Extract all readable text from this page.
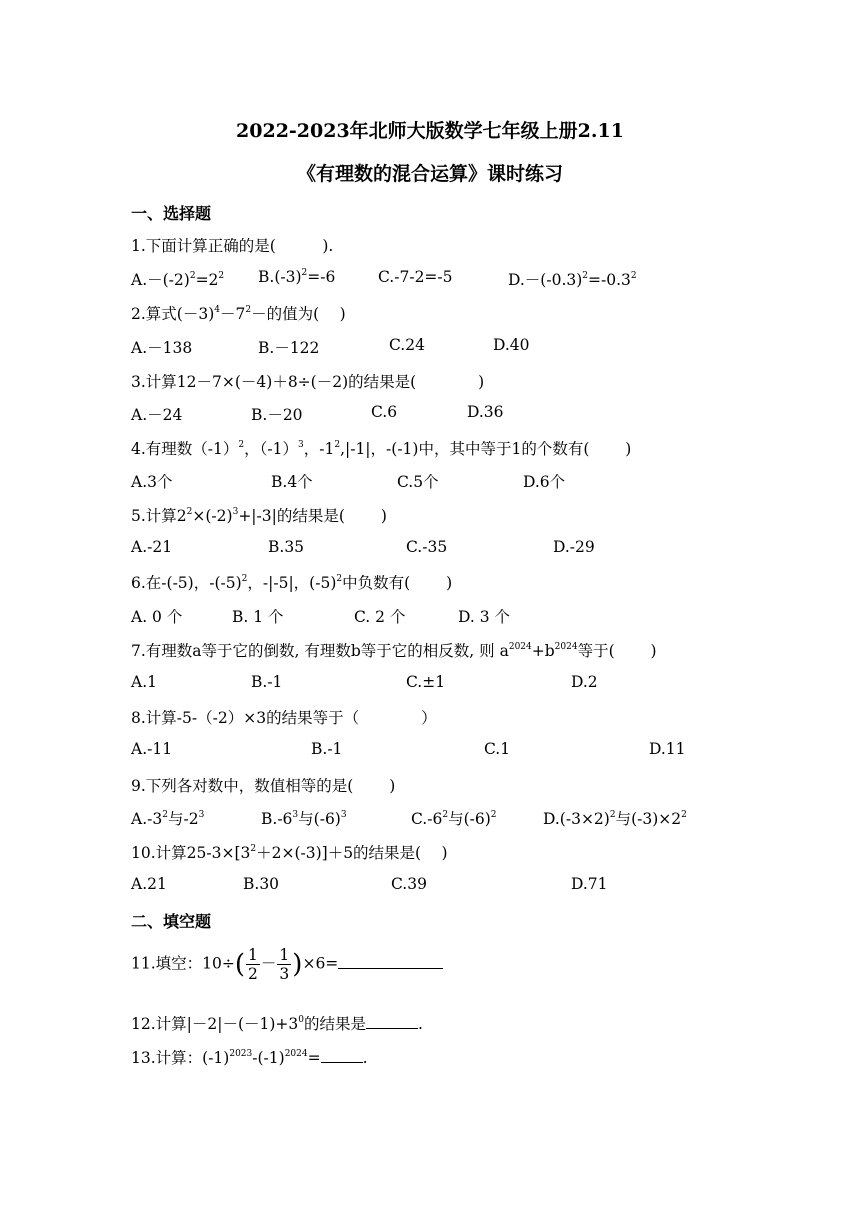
2022-2023年北师大版数学七年级上册2.11
《有理数的混合运算》课时练习
一、选择题
1.下面计算正确的是(　　　).
$A.-(-2)^2=2^2$ $B.(-3)^2=-6$	C.-7-2=-5	$D.-(-0.3)^2=-0.3^2$
2.算式$(-3)^4-7^2-$的值为(　 )
A.－138	B.－122	C.24	D.40
3.计算12－7×(－4)＋8÷(－2)的结果是(　　　　)
A.－24	B.－20	C.6	D.36
4.有理数$(-1)^2$，$(-1)^3$，$-1^2,|-1|$，-(-1)中，其中等于1的个数有(　　 )
A.3个	B.4个	C.5个	D.6个
5.计算$2^2\times(-2)^3+|-3|$的结果是(　　 )
A.-21	B.35	C.-35	D.-29
6.在-(-5)，$-(-5)^2$，-|-5|，$(-5)^2$中负数有(　　 )
A. 0 个	B. 1 个	C. 2 个	D. 3 个
7.有理数a等于它的倒数, 有理数b等于它的相反数, 则 $a^{2024}+b^{2024}$等于(　　 )
A.1	B.-1	C.±1	D.2
8.计算-5-（-2）×3的结果等于（　　　　）
A.-11	B.-1	C.1	D.11
9.下列各对数中，数值相等的是(　　 )
$A.-3^2$与$-2^3$	$B.-6^3$与$(-6)^3$	$C.-6^2$与$(-6)^2$	$D.(-3\times 2)^2$与$(-3)\times 2^2$
10.计算$25-3\times[3^2+2\times(-3)]+5$的结果是(　 )
A.21	B.30	C.39	D.71
二、填空题
11.填空：$10\div( \frac{1}{2} - \frac{1}{3} )\times 6=$
12.计算$|-2|-(-1)+3^0$的结果是	.
13.计算：$(-1)^{2023}-(-1)^{2024}=$	.
